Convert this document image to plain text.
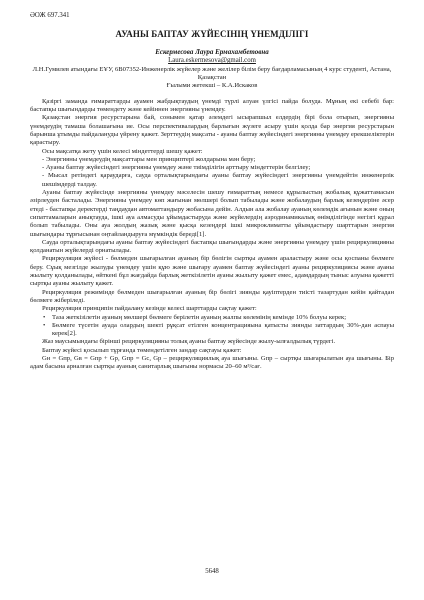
ӘОЖ 697.341
АУАНЫ БАПТАУ ЖҮЙЕСІНІҢ ҮНЕМДІЛІГІ
Ескермесова Лаура Ермахамбетовна
Laura.eskermesova@gmail.com
Л.Н.Гумилев атындағы ЕҰУ, 6В07352-Инженерлік жүйелер және желілер білім беру бағдарламасының 4 курс студенті, Астана, Қазақстан
Ғылыми жетекші – К.А.Искаков

Қазіргі заманда ғимараттарды ауамен жабдықтаудың үнемді түрлі алуан үлгісі пайда болуда. Мұның екі себебі бар: бастапқы шығындарды төмендету және кейіннен энергияны үнемдеу.

Қазақстан энергия ресурстарына бай, сонымен қатар әлемдегі ысырапшыл елдердің бірі бола отырып, энергияны үнемдеудің тамаша болашағына ие. Осы перспективалардың барлығын жүзеге асыру үшін қолда бар энергия ресурстарын барынша ұтымды пайдалануды үйрену қажет. Зерттеудің мақсаты - ауаны баптау жүйесіндегі энергияны үнемдеу ерекшеліктерін қарастыру.

Осы мақсатқа жету үшін келесі міндеттерді шешу қажет:

- Энергияны үнемдеудің мақсаттары мен принциптері жолдарына мән беру;

- Ауаны баптау жүйесіндегі энергияны үнемдеу және тиімділігін арттыру міндеттерін белгілеу;

- Мысал ретіндегі қараударға, сауда орталықтарындағы ауаны баптау жүйесіндегі энергияны үнемдейтін инженерлік шешімдерді талдау.

Ауаны баптау жүйесінде энергияны үнемдеу мәселесін шешу ғимараттың немесе құрылыстың жобалық құжаттамасын әзірлеуден басталады. Энергияны үнемдеу көп жағынан мөлшері болып табылады және жобалаудың барлық кезеңдеріне әсер етеді - бастапқы деректерді таңдаудан автоматтандыру жобасына дейін. Алдын ала жобалау ауаның көлемдік ағынын және оның сипаттамаларын анықтауда, ішкі ауа алмасуды ұйымдастыруда және жүйелердің аэродинамикалық өнімділігінде негізгі құрал болып табылады. Оны ауа жолдың жазық және қысқа кезеңдері ішкі микроклиматты ұйымдастыру шарттарын энергия шығындары тұрғысынан оңтайландыруға мүмкіндік береді[1].

Сауда орталықтарындағы ауаны баптау жүйесіндегі бастапқы шығындарды және энергияны үнемдеу үшін рециркуляцияны қолданатын жүйелерді орнатылады.

Рециркуляция жүйесі - бөлмеден шығарылған ауаның бір бөлігін сыртқы ауамен араластыру және осы қоспаны бөлмеге беру. Сұық мезгілде жылуды үнемдеу үшін құю және шығару ауамен баптау жүйесіндегі ауаны рециркуляциясы және ауаны жылыту қолданылады, өйткені бұл жағдайда барлық жеткізілетін ауаны жылыту қажет емес, адамдардың тыныс алуына қажетті сыртқы ауаны жылыту қажет.

Рециркуляция режимінде бөлмеден шығарылған ауаның бір бөлігі зиянды қауіптерден тиісті тазартудан кейін қайтадан бөлмеге жіберіледі.

Рециркуляция принципін пайдалану кезінде келесі шарттарды сақтау қажет:

• Таза жеткізілетін ауаның мөлшері бөлмеге берілетін ауаның жалпы көлемінің кемінде 10% болуы керек;

• Бөлмеге түсетін ауада олардың шекті рұқсат етілген концентрацияына қатысты зиянды заттардың 30%-дан аспауы керек[2].

Жаз маусымындағы бірінші рециркуляцияны толық ауаны баптау жүйесінде жылу-ылғалдылық түрдегі.

Баптау жүйесі қосылып тұрғанда төмендетілген зандар сақтауы қажет:

Gн = Gпр, Gв = Gпр + Gр, Gпр = Gс, Gр – рециркуляциялық ауа шығыны. Gпр – сыртқы шығарылатын ауа шығыны. Бір адам басына арналған сыртқы ауаның санитарлық шығыны нормасы 20–60 м³/сағ.

5648
